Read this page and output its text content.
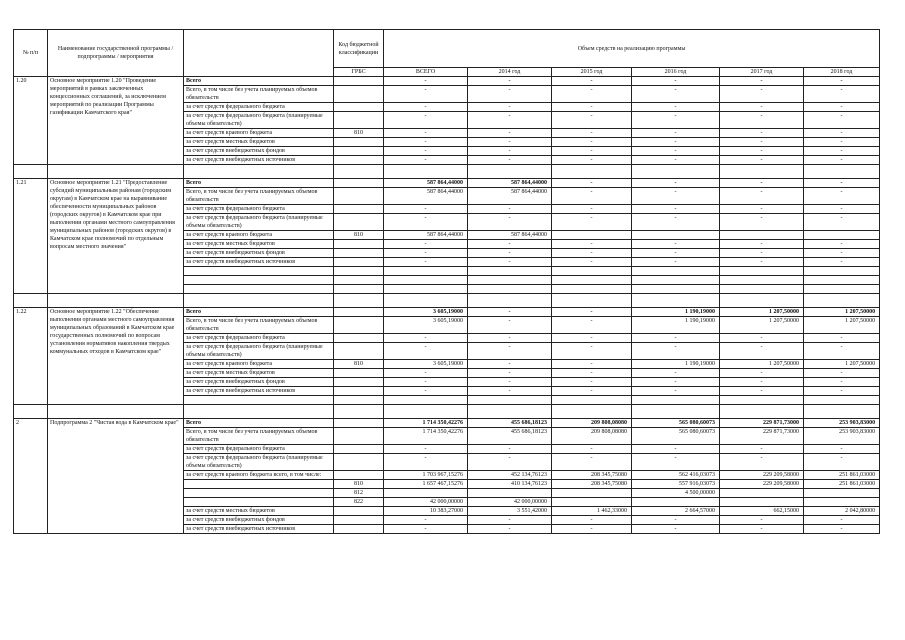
№ п/п	Наименование государственной программы / подпрограммы / мероприятия		Код бюджетной классификации	Объем средств на реализацию программы					
			ГРБС	ВСЕГО	2014 год	2015 год	2016 год	2017 год	2018 год
1.20	Основное мероприятие 1.20 "Проведение мероприятий в рамках заключенных концессионных соглашений, за исключением мероприятий по реализации Программы газификации Камчатского края"	Всего		-	-	-	-	-	-
		Всего, в том числе без учета планируемых объемов обязательств		-	-	-	-	-	-
		за счет средств федерального бюджета		-	-	-	-	-	-
		за счет средств федерального бюджета (планируемые объемы обязательств)		-	-	-	-	-	-
		за счет средств краевого бюджета	810	-	-	-	-	-	-
		за счет средств местных бюджетов		-	-	-	-	-	-
		за счет средств внебюджетных фондов		-	-	-	-	-	-
		за счет средств внебюджетных источников		-	-	-	-	-	-

1.21	Основное мероприятие 1.21 "Предоставление субсидий муниципальным районам (городским округам) в Камчатском крае на выравнивание обеспеченности муниципальных районов (городских округов) в Камчатском крае при выполнении органами местного самоуправления муниципальных районов (городских округов) в Камчатском крае полномочий по отдельным вопросам местного значения"	Всего		587 864,44000	587 864,44000	-	-	-	-
		Всего, в том числе без учета планируемых объемов обязательств		587 864,44000	587 864,44000	-	-	-	-
		за счет средств федерального бюджета		-	-	-	-	-	-
		за счет средств федерального бюджета (планируемые объемы обязательств)		-	-	-	-	-	-
		за счет средств краевого бюджета	810	587 864,44000	587 864,44000				
		за счет средств местных бюджетов		-	-	-	-	-	-
		за счет средств внебюджетных фондов		-	-	-	-	-	-
		за счет средств внебюджетных источников		-	-	-	-	-	-

1.22	Основное мероприятие 1.22 "Обеспечение выполнения органами местного самоуправления муниципальных образований в Камчатском крае государственных полномочий по вопросам установления нормативов накопления твердых коммунальных отходов в Камчатском крае"	Всего		3 605,19000	-	-	1 190,19000	1 207,50000	1 207,50000
		Всего, в том числе без учета планируемых объемов обязательств		3 605,19000	-	-	1 190,19000	1 207,50000	1 207,50000
		за счет средств федерального бюджета		-	-	-	-	-	-
		за счет средств федерального бюджета (планируемые объемы обязательств)		-	-	-	-	-	-
		за счет средств краевого бюджета	810	3 605,19000	-	-	1 190,19000	1 207,50000	1 207,50000
		за счет средств местных бюджетов		-	-	-	-	-	-
		за счет средств внебюджетных фондов		-	-	-	-	-	-
		за счет средств внебюджетных источников		-	-	-	-	-	-

2	Подпрограмма 2 "Чистая вода в Камчатском крае"	Всего		1 714 350,42276	455 686,18123	209 808,08080	565 080,60073	229 871,73000	253 903,83000
		Всего, в том числе без учета планируемых объемов обязательств		1 714 350,42276	455 686,18123	209 808,08080	565 080,60073	229 871,73000	253 903,83000
		за счет средств федерального бюджета		-	-	-	-	-	-
		за счет средств федерального бюджета (планируемые объемы обязательств)		-	-	-	-	-	-
		за счет средств краевого бюджета всего, в том числе:		1 703 967,15276	452 134,76123	208 345,75080	562 416,03073	229 209,58000	251 861,03000
			810	1 657 467,15276	410 134,76123	208 345,75080	557 916,03073	229 209,58000	251 861,03000
			812				4 500,00000		
			822	42 000,00000	42 000,00000				
		за счет средств местных бюджетов		10 383,27000	3 551,42000	1 462,33000	2 664,57000	662,15000	2 042,80000
		за счет средств внебюджетных фондов		-	-	-	-	-	-
		за счет средств внебюджетных источников		-	-	-	-	-	-
